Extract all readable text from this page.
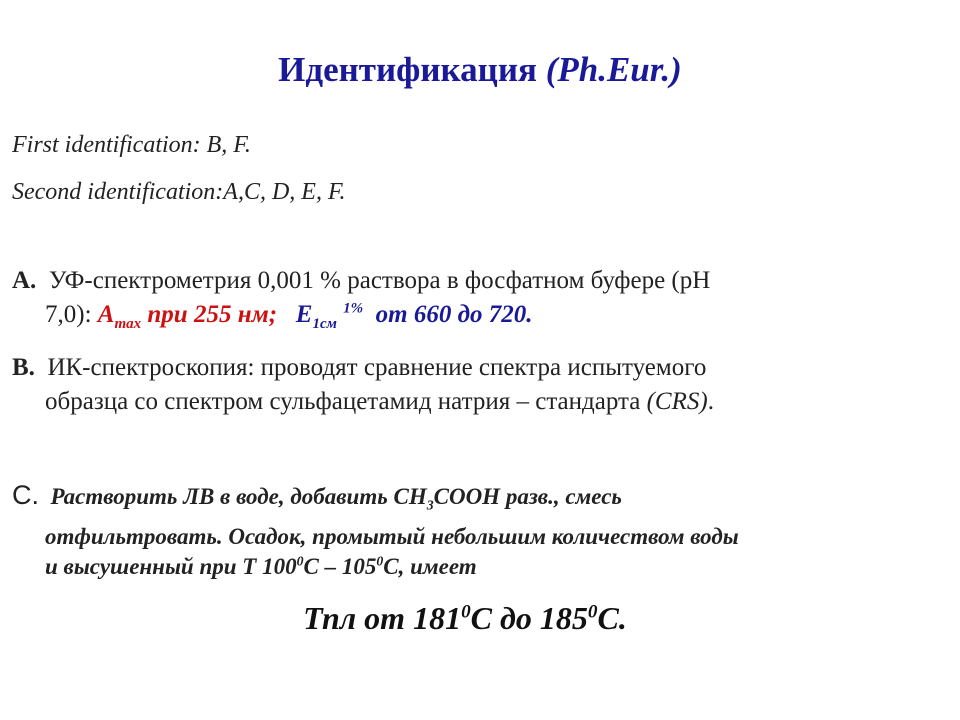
Идентификация (Ph.Eur.)
First identification: B, F.
Second identification:A,C, D, E, F.
A. УФ-спектрометрия 0,001 % раствора в фосфатном буфере (pH
7,0): $A_{max}$ при 255 нм; $E_{1см}$ $^{1\%}$ от 660 до 720.
B. ИК-спектроскопия: проводят сравнение спектра испытуемого
образца со спектром сульфацетамид натрия – стандарта (CRS).
C. Растворить ЛВ в воде, добавить $CH_3COOH$ разв., смесь
отфильтровать. Осадок, промытый небольшим количеством воды
и высушенный при Т $100^0С - 105^0С$, имеет
Тпл от $181^0С$ до $185^0С$.
